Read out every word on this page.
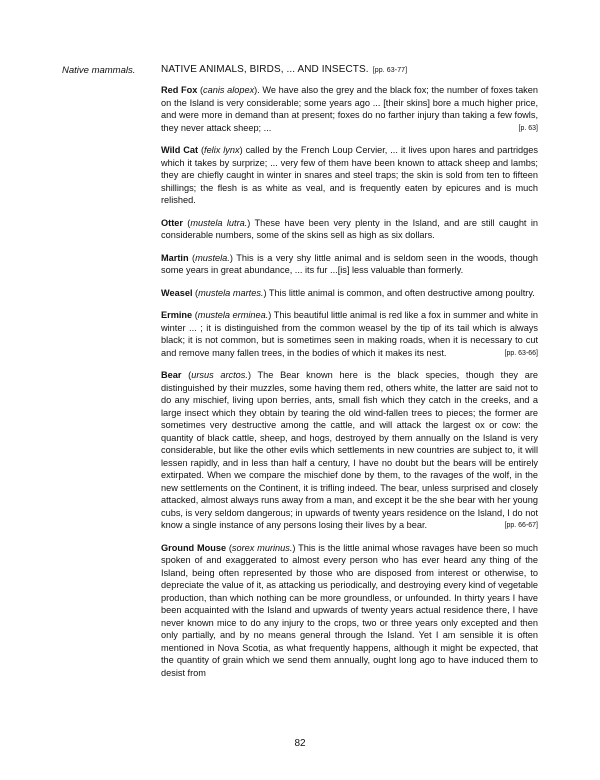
Native mammals.	NATIVE ANIMALS, BIRDS, ... AND INSECTS. [pp. 63-77]

Red Fox (canis alopex). We have also the grey and the black fox; the number of foxes taken on the Island is very considerable; some years ago ... [their skins] bore a much higher price, and were more in demand than at present; foxes do no farther injury than taking a few fowls, they never attack sheep; ...	[p. 63]

Wild Cat (felix lynx) called by the French Loup Cervier, ... it lives upon hares and partridges which it takes by surprize; ... very few of them have been known to attack sheep and lambs; they are chiefly caught in winter in snares and steel traps; the skin is sold from ten to fifteen shillings; the flesh is as white as veal, and is frequently eaten by epicures and is much relished.

Otter (mustela lutra.) These have been very plenty in the Island, and are still caught in considerable numbers, some of the skins sell as high as six dollars.

Martin (mustela.) This is a very shy little animal and is seldom seen in the woods, though some years in great abundance, ... its fur ...[is] less valuable than formerly.

Weasel (mustela martes.) This little animal is common, and often destructive among poultry.

Ermine (mustela erminea.) This beautiful little animal is red like a fox in summer and white in winter ... ; it is distinguished from the common weasel by the tip of its tail which is always black; it is not common, but is sometimes seen in making roads, when it is necessary to cut and remove many fallen trees, in the bodies of which it makes its nest.	[pp. 63-66]

Bear (ursus arctos.) The Bear known here is the black species, though they are distinguished by their muzzles, some having them red, others white, the latter are said not to do any mischief, living upon berries, ants, small fish which they catch in the creeks, and a large insect which they obtain by tearing the old wind-fallen trees to pieces; the former are sometimes very destructive among the cattle, and will attack the largest ox or cow: the quantity of black cattle, sheep, and hogs, destroyed by them annually on the Island is very considerable, but like the other evils which settlements in new countries are subject to, it will lessen rapidly, and in less than half a century, I have no doubt but the bears will be entirely extirpated. When we compare the mischief done by them, to the ravages of the wolf, in the new settlements on the Continent, it is trifling indeed. The bear, unless surprised and closely attacked, almost always runs away from a man, and except it be the she bear with her young cubs, is very seldom dangerous; in upwards of twenty years residence on the Island, I do not know a single instance of any persons losing their lives by a bear.	[pp. 66-67]

Ground Mouse (sorex murinus.) This is the little animal whose ravages have been so much spoken of and exaggerated to almost every person who has ever heard any thing of the Island, being often represented by those who are disposed from interest or otherwise, to depreciate the value of it, as attacking us periodically, and destroying every kind of vegetable production, than which nothing can be more groundless, or unfounded. In thirty years I have been acquainted with the Island and upwards of twenty years actual residence there, I have never known mice to do any injury to the crops, two or three years only excepted and then only partially, and by no means general through the Island. Yet I am sensible it is often mentioned in Nova Scotia, as what frequently happens, although it might be expected, that the quantity of grain which we send them annually, ought long ago to have induced them to desist from

82
